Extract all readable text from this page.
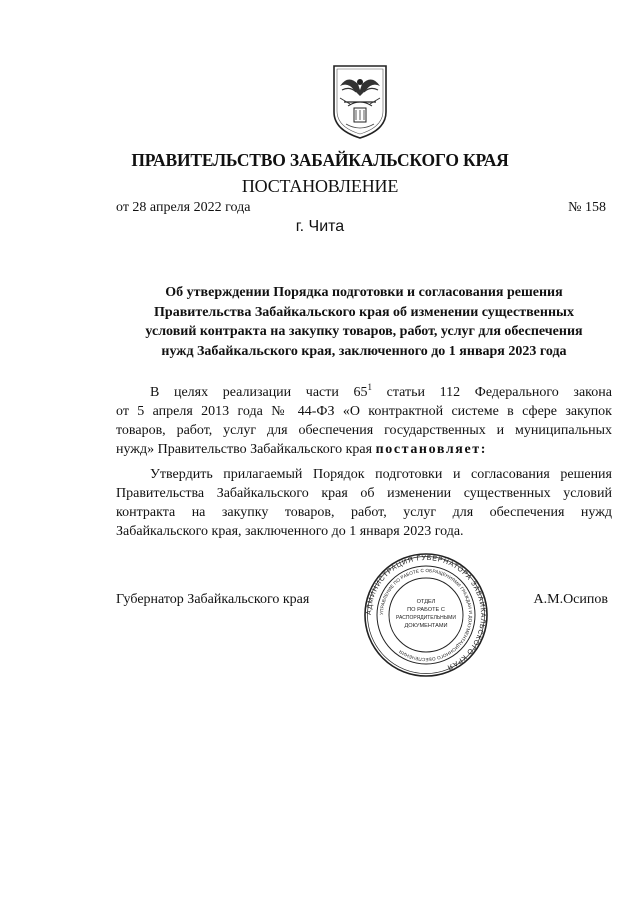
ПРАВИТЕЛЬСТВО ЗАБАЙКАЛЬСКОГО КРАЯ
ПОСТАНОВЛЕНИЕ
от 28 апреля 2022 года	№ 158
г. Чита
Об утверждении Порядка подготовки и согласования решения
Правительства Забайкальского края об изменении существенных
условий контракта на закупку товаров, работ, услуг для обеспечения
нужд Забайкальского края, заключенного до 1 января 2023 года
В целях реализации части $65^1$ статьи 112 Федерального закона
от 5 апреля 2013 года № 44-ФЗ «О контрактной системе в сфере закупок
товаров, работ, услуг для обеспечения государственных и муниципальных
нужд» Правительство Забайкальского края постановляет:
Утвердить прилагаемый Порядок подготовки и согласования решения
Правительства Забайкальского края об изменении существенных условий
контракта на закупку товаров, работ, услуг для обеспечения нужд
Забайкальского края, заключенного до 1 января 2023 года.
Губернатор Забайкальского края	А.М.Осипов
АДМИНИСТРАЦИЯ ГУБЕРНАТОРА ЗАБАЙКАЛЬСКОГО КРАЯ
УПРАВЛЕНИЕ ПО РАБОТЕ С ОБРАЩЕНИЯМИ ГРАЖДАН И ДОКУМЕНТАЦИОННОГО ОБЕСПЕЧЕНИЯ
ОТДЕЛ
ПО РАБОТЕ С
РАСПОРЯДИТЕЛЬНЫМИ
ДОКУМЕНТАМИ
